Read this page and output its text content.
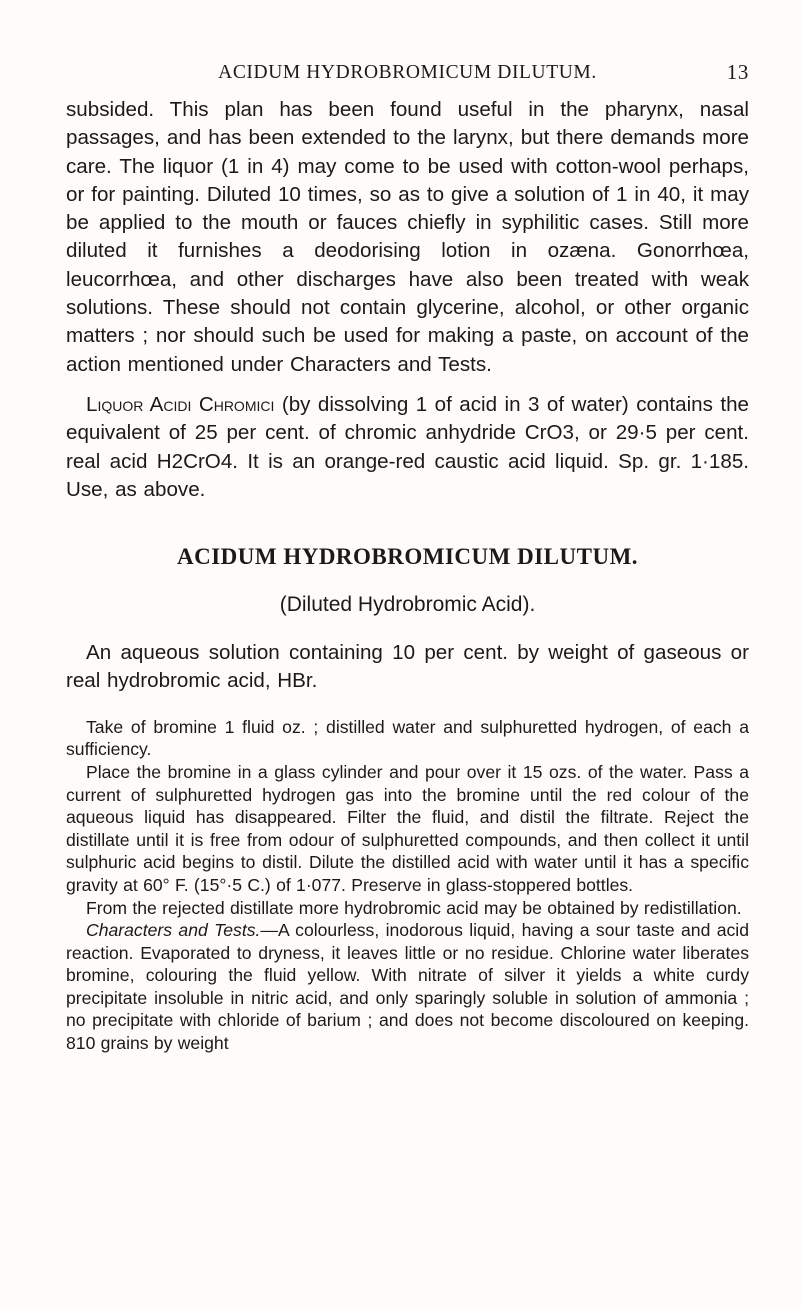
ACIDUM HYDROBROMICUM DILUTUM.	13

subsided. This plan has been found useful in the pharynx, nasal passages, and has been extended to the larynx, but there demands more care. The liquor (1 in 4) may come to be used with cotton-wool perhaps, or for painting. Diluted 10 times, so as to give a solution of 1 in 40, it may be applied to the mouth or fauces chiefly in syphilitic cases. Still more diluted it furnishes a deodorising lotion in ozæna. Gonorrhœa, leucorrhœa, and other discharges have also been treated with weak solutions. These should not contain glycerine, alcohol, or other organic matters ; nor should such be used for making a paste, on account of the action mentioned under Characters and Tests.

Liquor Acidi Chromici (by dissolving 1 of acid in 3 of water) contains the equivalent of 25 per cent. of chromic anhydride CrO3, or 29·5 per cent. real acid H2CrO4. It is an orange-red caustic acid liquid. Sp. gr. 1·185. Use, as above.

ACIDUM HYDROBROMICUM DILUTUM.
(Diluted Hydrobromic Acid).

An aqueous solution containing 10 per cent. by weight of gaseous or real hydrobromic acid, HBr.

Take of bromine 1 fluid oz. ; distilled water and sulphuretted hydrogen, of each a sufficiency.

Place the bromine in a glass cylinder and pour over it 15 ozs. of the water. Pass a current of sulphuretted hydrogen gas into the bromine until the red colour of the aqueous liquid has disappeared. Filter the fluid, and distil the filtrate. Reject the distillate until it is free from odour of sulphuretted compounds, and then collect it until sulphuric acid begins to distil. Dilute the distilled acid with water until it has a specific gravity at 60° F. (15°·5 C.) of 1·077. Preserve in glass-stoppered bottles.

From the rejected distillate more hydrobromic acid may be obtained by redistillation.

Characters and Tests.—A colourless, inodorous liquid, having a sour taste and acid reaction. Evaporated to dryness, it leaves little or no residue. Chlorine water liberates bromine, colouring the fluid yellow. With nitrate of silver it yields a white curdy precipitate insoluble in nitric acid, and only sparingly soluble in solution of ammonia ; no precipitate with chloride of barium ; and does not become discoloured on keeping. 810 grains by weight
